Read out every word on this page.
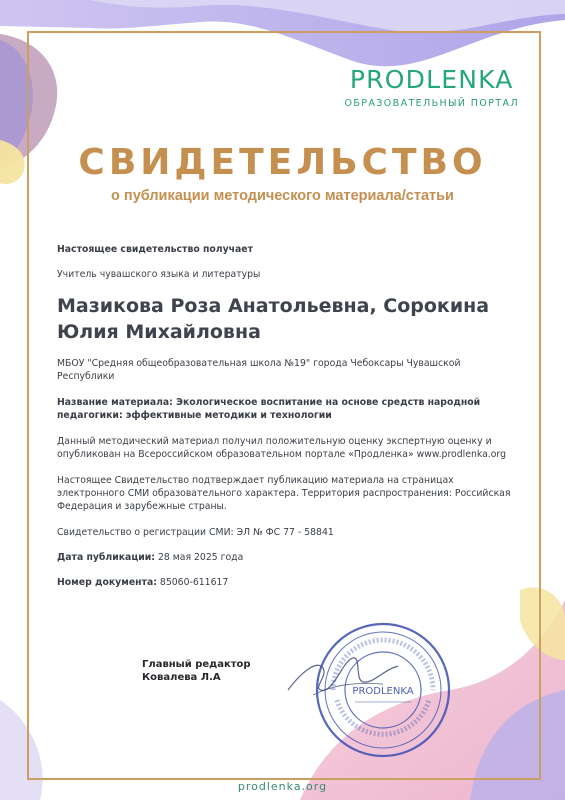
PRODLENKA
ОБРАЗОВАТЕЛЬНЫЙ ПОРТАЛ
СВИДЕТЕЛЬСТВО
о публикации методического материала/статьи

Настоящее свидетельство получает

Учитель чувашского языка и литературы

Мазикова Роза Анатольевна, Сорокина Юлия Михайловна

МБОУ "Средняя общеобразовательная школа №19" города Чебоксары Чувашской Республики

Название материала: Экологическое воспитание на основе средств народной педагогики: эффективные методики и технологии

Данный методический материал получил положительную оценку экспертную оценку и опубликован на Всероссийском образовательном портале «Продленка» www.prodlenka.org

Настоящее Свидетельство подтверждает публикацию материала на страницах электронного СМИ образовательного характера. Территория распространения: Российская Федерация и зарубежные страны.

Свидетельство о регистрации СМИ: ЭЛ № ФС 77 - 58841

Дата публикации: 28 мая 2025 года

Номер документа: 85060-611617

Главный редактор
Ковалева Л.А
PRODLENKA
prodlenka.org
